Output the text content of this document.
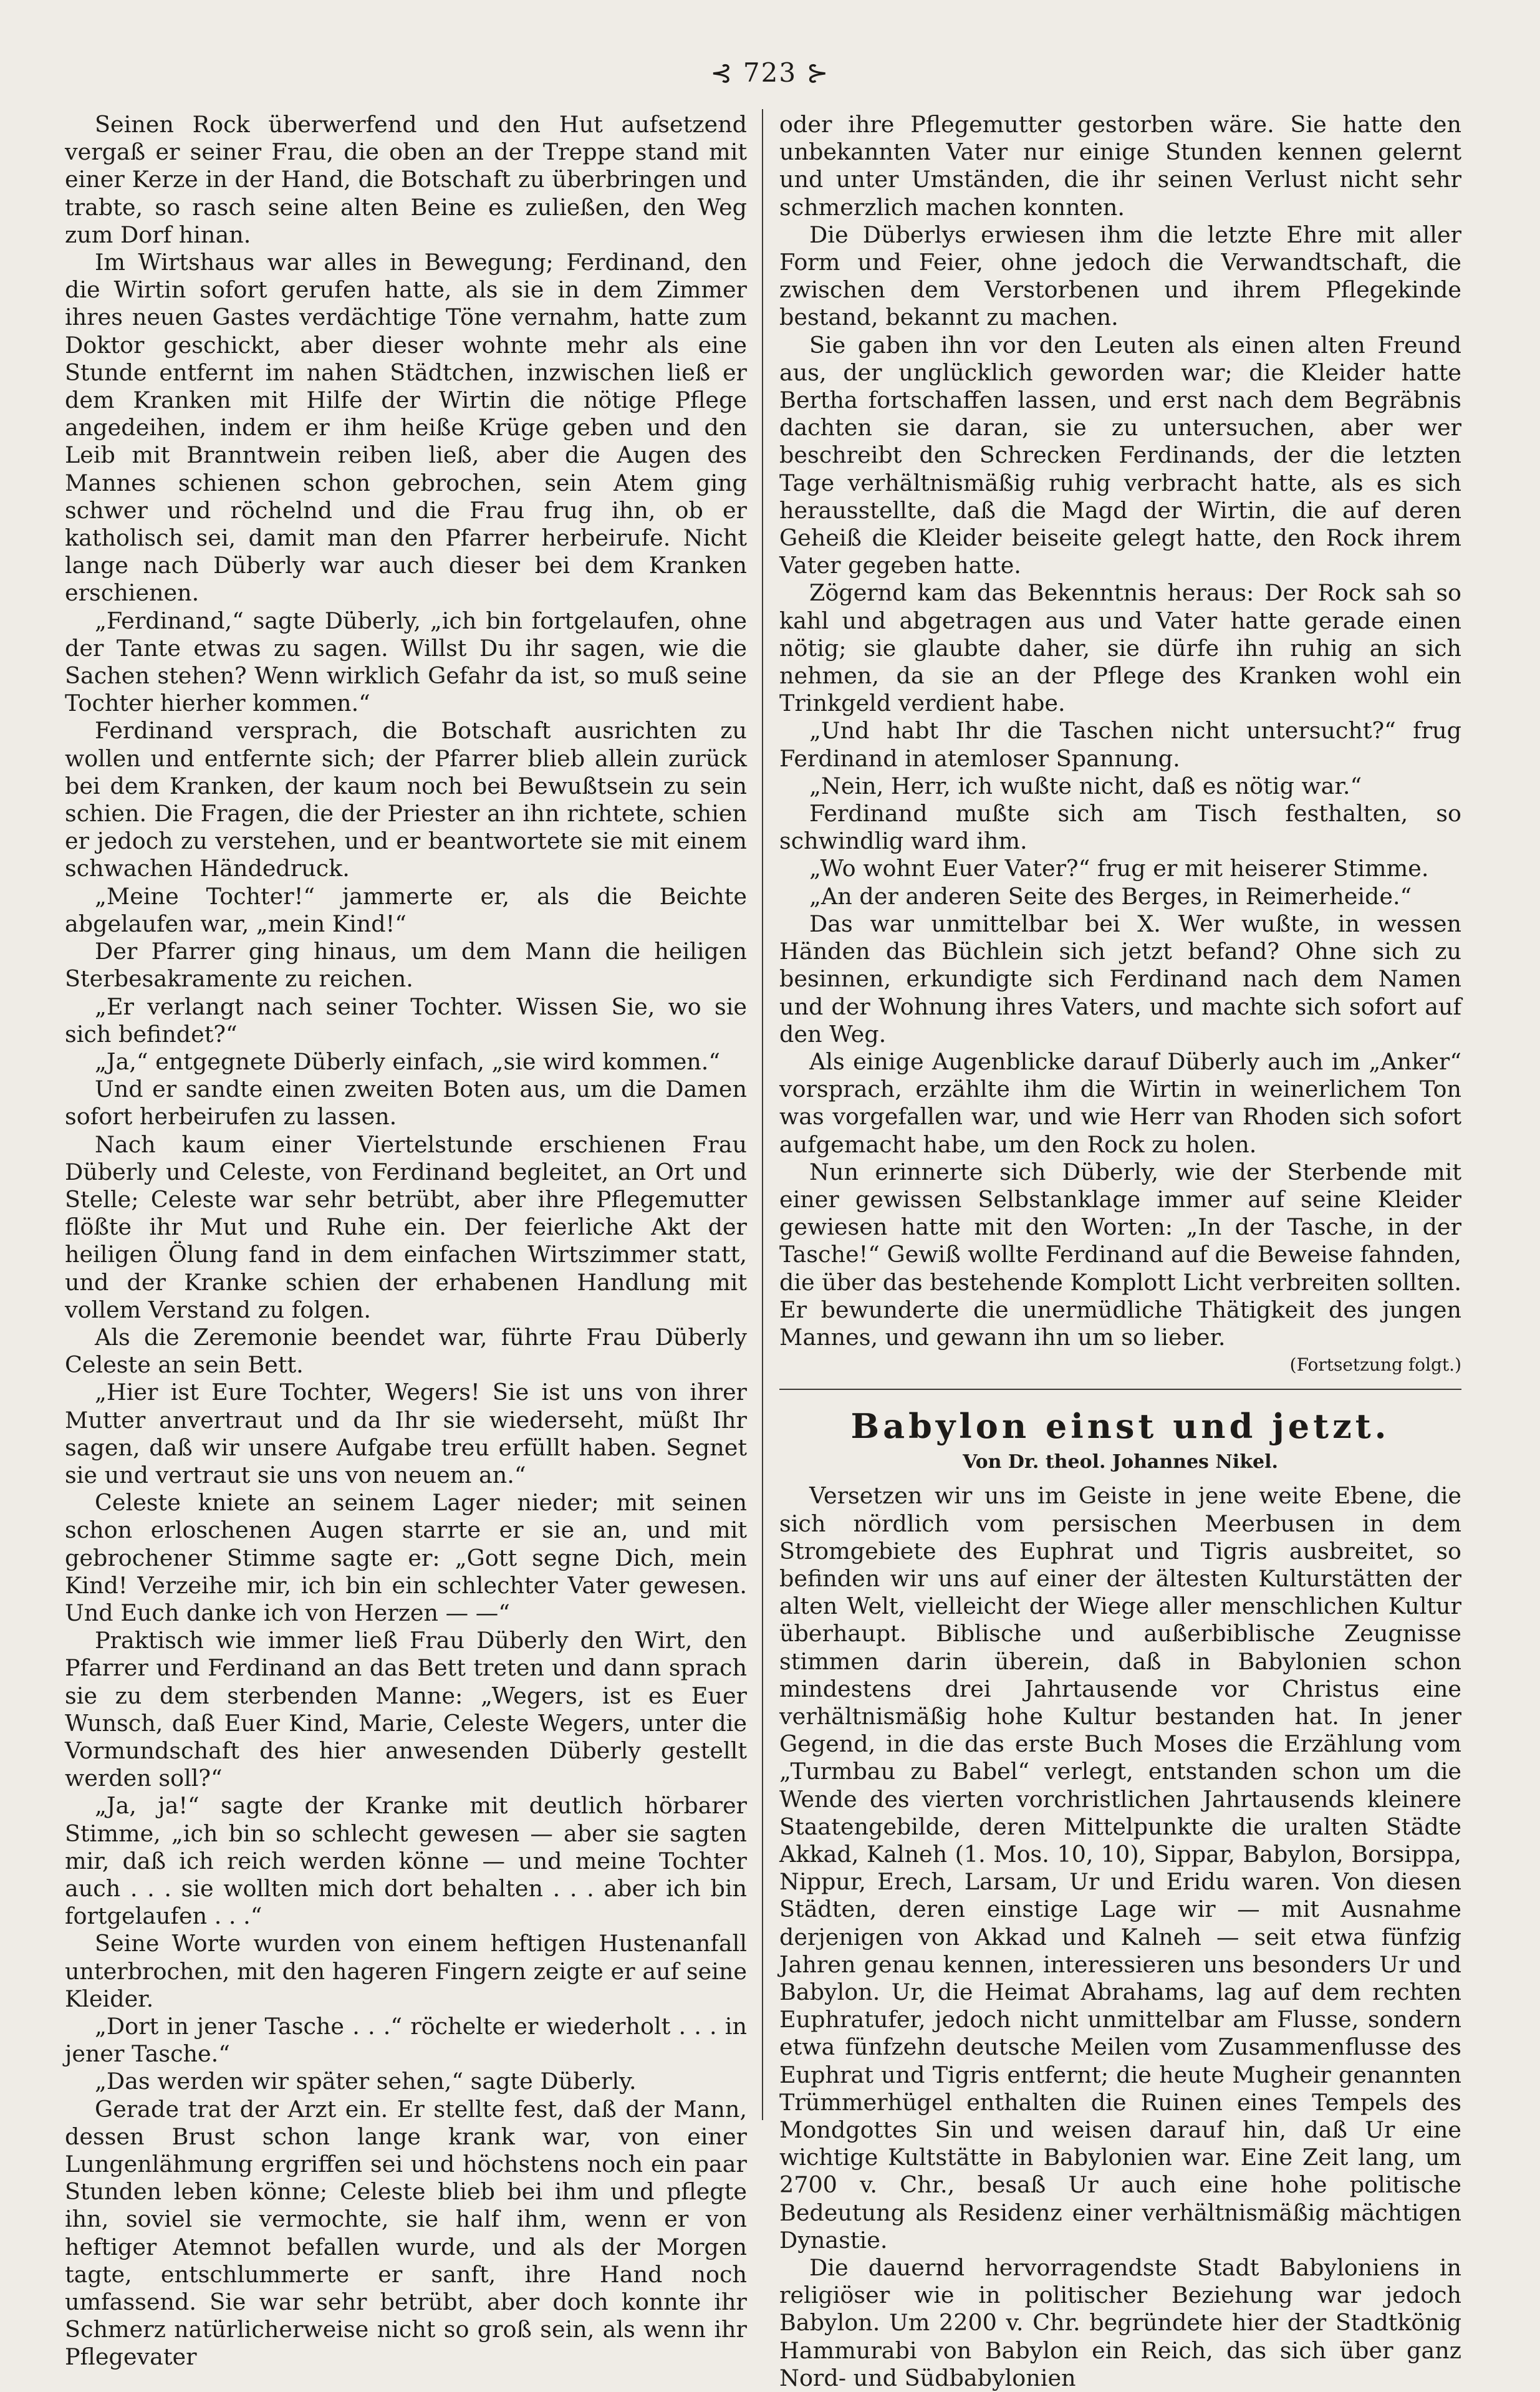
⊰ 723 ⊱

Seinen Rock überwerfend und den Hut aufsetzend vergaß er seiner Frau, die oben an der Treppe stand mit einer Kerze in der Hand, die Botschaft zu überbringen und trabte, so rasch seine alten Beine es zuließen, den Weg zum Dorf hinan.

Im Wirtshaus war alles in Bewegung; Ferdinand, den die Wirtin sofort gerufen hatte, als sie in dem Zimmer ihres neuen Gastes verdächtige Töne vernahm, hatte zum Doktor geschickt, aber dieser wohnte mehr als eine Stunde entfernt im nahen Städtchen, inzwischen ließ er dem Kranken mit Hilfe der Wirtin die nötige Pflege angedeihen, indem er ihm heiße Krüge geben und den Leib mit Branntwein reiben ließ, aber die Augen des Mannes schienen schon gebrochen, sein Atem ging schwer und röchelnd und die Frau frug ihn, ob er katholisch sei, damit man den Pfarrer herbeirufe. Nicht lange nach Düberly war auch dieser bei dem Kranken erschienen.

„Ferdinand,“ sagte Düberly, „ich bin fortgelaufen, ohne der Tante etwas zu sagen. Willst Du ihr sagen, wie die Sachen stehen? Wenn wirklich Gefahr da ist, so muß seine Tochter hierher kommen.“

Ferdinand versprach, die Botschaft ausrichten zu wollen und entfernte sich; der Pfarrer blieb allein zurück bei dem Kranken, der kaum noch bei Bewußtsein zu sein schien. Die Fragen, die der Priester an ihn richtete, schien er jedoch zu verstehen, und er beantwortete sie mit einem schwachen Händedruck.

„Meine Tochter!“ jammerte er, als die Beichte abgelaufen war, „mein Kind!“

Der Pfarrer ging hinaus, um dem Mann die heiligen Sterbesakramente zu reichen.

„Er verlangt nach seiner Tochter. Wissen Sie, wo sie sich befindet?“

„Ja,“ entgegnete Düberly einfach, „sie wird kommen.“

Und er sandte einen zweiten Boten aus, um die Damen sofort herbeirufen zu lassen.

Nach kaum einer Viertelstunde erschienen Frau Düberly und Celeste, von Ferdinand begleitet, an Ort und Stelle; Celeste war sehr betrübt, aber ihre Pflegemutter flößte ihr Mut und Ruhe ein. Der feierliche Akt der heiligen Ölung fand in dem einfachen Wirtszimmer statt, und der Kranke schien der erhabenen Handlung mit vollem Verstand zu folgen.

Als die Zeremonie beendet war, führte Frau Düberly Celeste an sein Bett.

„Hier ist Eure Tochter, Wegers! Sie ist uns von ihrer Mutter anvertraut und da Ihr sie wiederseht, müßt Ihr sagen, daß wir unsere Aufgabe treu erfüllt haben. Segnet sie und vertraut sie uns von neuem an.“

Celeste kniete an seinem Lager nieder; mit seinen schon erloschenen Augen starrte er sie an, und mit gebrochener Stimme sagte er: „Gott segne Dich, mein Kind! Verzeihe mir, ich bin ein schlechter Vater gewesen. Und Euch danke ich von Herzen — —“

Praktisch wie immer ließ Frau Düberly den Wirt, den Pfarrer und Ferdinand an das Bett treten und dann sprach sie zu dem sterbenden Manne: „Wegers, ist es Euer Wunsch, daß Euer Kind, Marie, Celeste Wegers, unter die Vormundschaft des hier anwesenden Düberly gestellt werden soll?“

„Ja, ja!“ sagte der Kranke mit deutlich hörbarer Stimme, „ich bin so schlecht gewesen — aber sie sagten mir, daß ich reich werden könne — und meine Tochter auch . . . sie wollten mich dort behalten . . . aber ich bin fortgelaufen . . .“

Seine Worte wurden von einem heftigen Hustenanfall unterbrochen, mit den hageren Fingern zeigte er auf seine Kleider.

„Dort in jener Tasche . . .“ röchelte er wiederholt . . . in jener Tasche.“

„Das werden wir später sehen,“ sagte Düberly.

Gerade trat der Arzt ein. Er stellte fest, daß der Mann, dessen Brust schon lange krank war, von einer Lungenlähmung ergriffen sei und höchstens noch ein paar Stunden leben könne; Celeste blieb bei ihm und pflegte ihn, soviel sie vermochte, sie half ihm, wenn er von heftiger Atemnot befallen wurde, und als der Morgen tagte, entschlummerte er sanft, ihre Hand noch umfassend. Sie war sehr betrübt, aber doch konnte ihr Schmerz natürlicherweise nicht so groß sein, als wenn ihr Pflegevater

oder ihre Pflegemutter gestorben wäre. Sie hatte den unbekannten Vater nur einige Stunden kennen gelernt und unter Umständen, die ihr seinen Verlust nicht sehr schmerzlich machen konnten.

Die Düberlys erwiesen ihm die letzte Ehre mit aller Form und Feier, ohne jedoch die Verwandtschaft, die zwischen dem Verstorbenen und ihrem Pflegekinde bestand, bekannt zu machen.

Sie gaben ihn vor den Leuten als einen alten Freund aus, der unglücklich geworden war; die Kleider hatte Bertha fortschaffen lassen, und erst nach dem Begräbnis dachten sie daran, sie zu untersuchen, aber wer beschreibt den Schrecken Ferdinands, der die letzten Tage verhältnismäßig ruhig verbracht hatte, als es sich herausstellte, daß die Magd der Wirtin, die auf deren Geheiß die Kleider beiseite gelegt hatte, den Rock ihrem Vater gegeben hatte.

Zögernd kam das Bekenntnis heraus: Der Rock sah so kahl und abgetragen aus und Vater hatte gerade einen nötig; sie glaubte daher, sie dürfe ihn ruhig an sich nehmen, da sie an der Pflege des Kranken wohl ein Trinkgeld verdient habe.

„Und habt Ihr die Taschen nicht untersucht?“ frug Ferdinand in atemloser Spannung.

„Nein, Herr, ich wußte nicht, daß es nötig war.“

Ferdinand mußte sich am Tisch festhalten, so schwindlig ward ihm.

„Wo wohnt Euer Vater?“ frug er mit heiserer Stimme.

„An der anderen Seite des Berges, in Reimerheide.“

Das war unmittelbar bei X. Wer wußte, in wessen Händen das Büchlein sich jetzt befand? Ohne sich zu besinnen, erkundigte sich Ferdinand nach dem Namen und der Wohnung ihres Vaters, und machte sich sofort auf den Weg.

Als einige Augenblicke darauf Düberly auch im „Anker“ vorsprach, erzählte ihm die Wirtin in weinerlichem Ton was vorgefallen war, und wie Herr van Rhoden sich sofort aufgemacht habe, um den Rock zu holen.

Nun erinnerte sich Düberly, wie der Sterbende mit einer gewissen Selbstanklage immer auf seine Kleider gewiesen hatte mit den Worten: „In der Tasche, in der Tasche!“ Gewiß wollte Ferdinand auf die Beweise fahnden, die über das bestehende Komplott Licht verbreiten sollten. Er bewunderte die unermüdliche Thätigkeit des jungen Mannes, und gewann ihn um so lieber.

(Fortsetzung folgt.)
Babylon einst und jetzt.
Von Dr. theol. Johannes Nikel.

Versetzen wir uns im Geiste in jene weite Ebene, die sich nördlich vom persischen Meerbusen in dem Stromgebiete des Euphrat und Tigris ausbreitet, so befinden wir uns auf einer der ältesten Kulturstätten der alten Welt, vielleicht der Wiege aller menschlichen Kultur überhaupt. Biblische und außerbiblische Zeugnisse stimmen darin überein, daß in Babylonien schon mindestens drei Jahrtausende vor Christus eine verhältnismäßig hohe Kultur bestanden hat. In jener Gegend, in die das erste Buch Moses die Erzählung vom „Turmbau zu Babel“ verlegt, entstanden schon um die Wende des vierten vorchristlichen Jahrtausends kleinere Staatengebilde, deren Mittelpunkte die uralten Städte Akkad, Kalneh (1. Mos. 10, 10), Sippar, Babylon, Borsippa, Nippur, Erech, Larsam, Ur und Eridu waren. Von diesen Städten, deren einstige Lage wir — mit Ausnahme derjenigen von Akkad und Kalneh — seit etwa fünfzig Jahren genau kennen, interessieren uns besonders Ur und Babylon. Ur, die Heimat Abrahams, lag auf dem rechten Euphratufer, jedoch nicht unmittelbar am Flusse, sondern etwa fünfzehn deutsche Meilen vom Zusammenflusse des Euphrat und Tigris entfernt; die heute Mugheir genannten Trümmerhügel enthalten die Ruinen eines Tempels des Mondgottes Sin und weisen darauf hin, daß Ur eine wichtige Kultstätte in Babylonien war. Eine Zeit lang, um 2700 v. Chr., besaß Ur auch eine hohe politische Bedeutung als Residenz einer verhältnismäßig mächtigen Dynastie.

Die dauernd hervorragendste Stadt Babyloniens in religiöser wie in politischer Beziehung war jedoch Babylon. Um 2200 v. Chr. begründete hier der Stadtkönig Hammurabi von Babylon ein Reich, das sich über ganz Nord- und Südbabylonien
